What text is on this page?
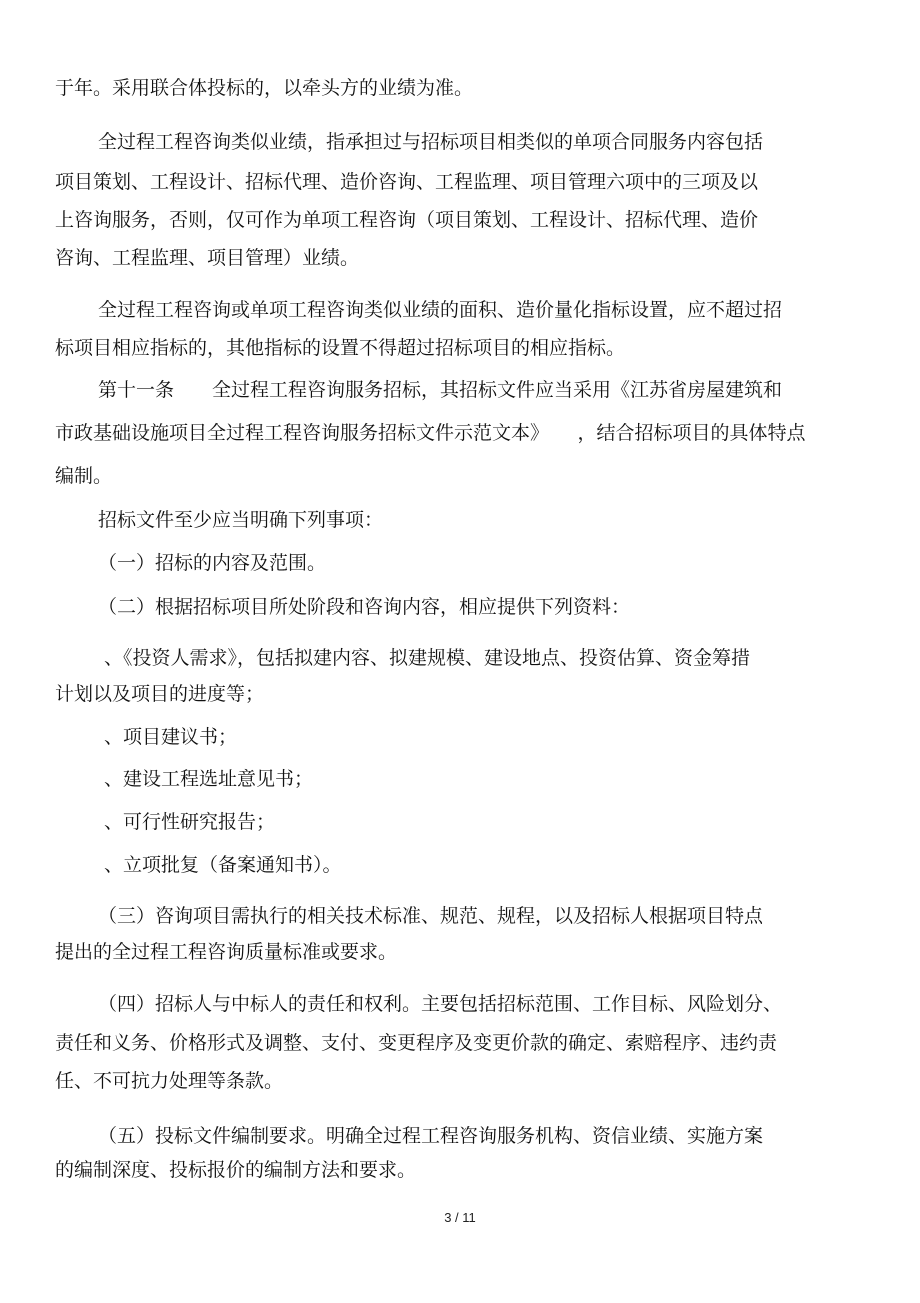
于年。采用联合体投标的，以牵头方的业绩为准。

全过程工程咨询类似业绩，指承担过与招标项目相类似的单项合同服务内容包括

项目策划、工程设计、招标代理、造价咨询、工程监理、项目管理六项中的三项及以

上咨询服务，否则，仅可作为单项工程咨询（项目策划、工程设计、招标代理、造价

咨询、工程监理、项目管理）业绩。

全过程工程咨询或单项工程咨询类似业绩的面积、造价量化指标设置，应不超过招

标项目相应指标的，其他指标的设置不得超过招标项目的相应指标。

第十一条　　全过程工程咨询服务招标，其招标文件应当采用《江苏省房屋建筑和

市政基础设施项目全过程工程咨询服务招标文件示范文本》　　，结合招标项目的具体特点

编制。

招标文件至少应当明确下列事项：

（一）招标的内容及范围。

（二）根据招标项目所处阶段和咨询内容，相应提供下列资料：

、《投资人需求》，包括拟建内容、拟建规模、建设地点、投资估算、资金筹措

计划以及项目的进度等；

、项目建议书；

、建设工程选址意见书；

、可行性研究报告；

、立项批复（备案通知书）。

（三）咨询项目需执行的相关技术标准、规范、规程，以及招标人根据项目特点

提出的全过程工程咨询质量标准或要求。

（四）招标人与中标人的责任和权利。主要包括招标范围、工作目标、风险划分、

责任和义务、价格形式及调整、支付、变更程序及变更价款的确定、索赔程序、违约责

任、不可抗力处理等条款。

（五）投标文件编制要求。明确全过程工程咨询服务机构、资信业绩、实施方案

的编制深度、投标报价的编制方法和要求。

3 / 11
